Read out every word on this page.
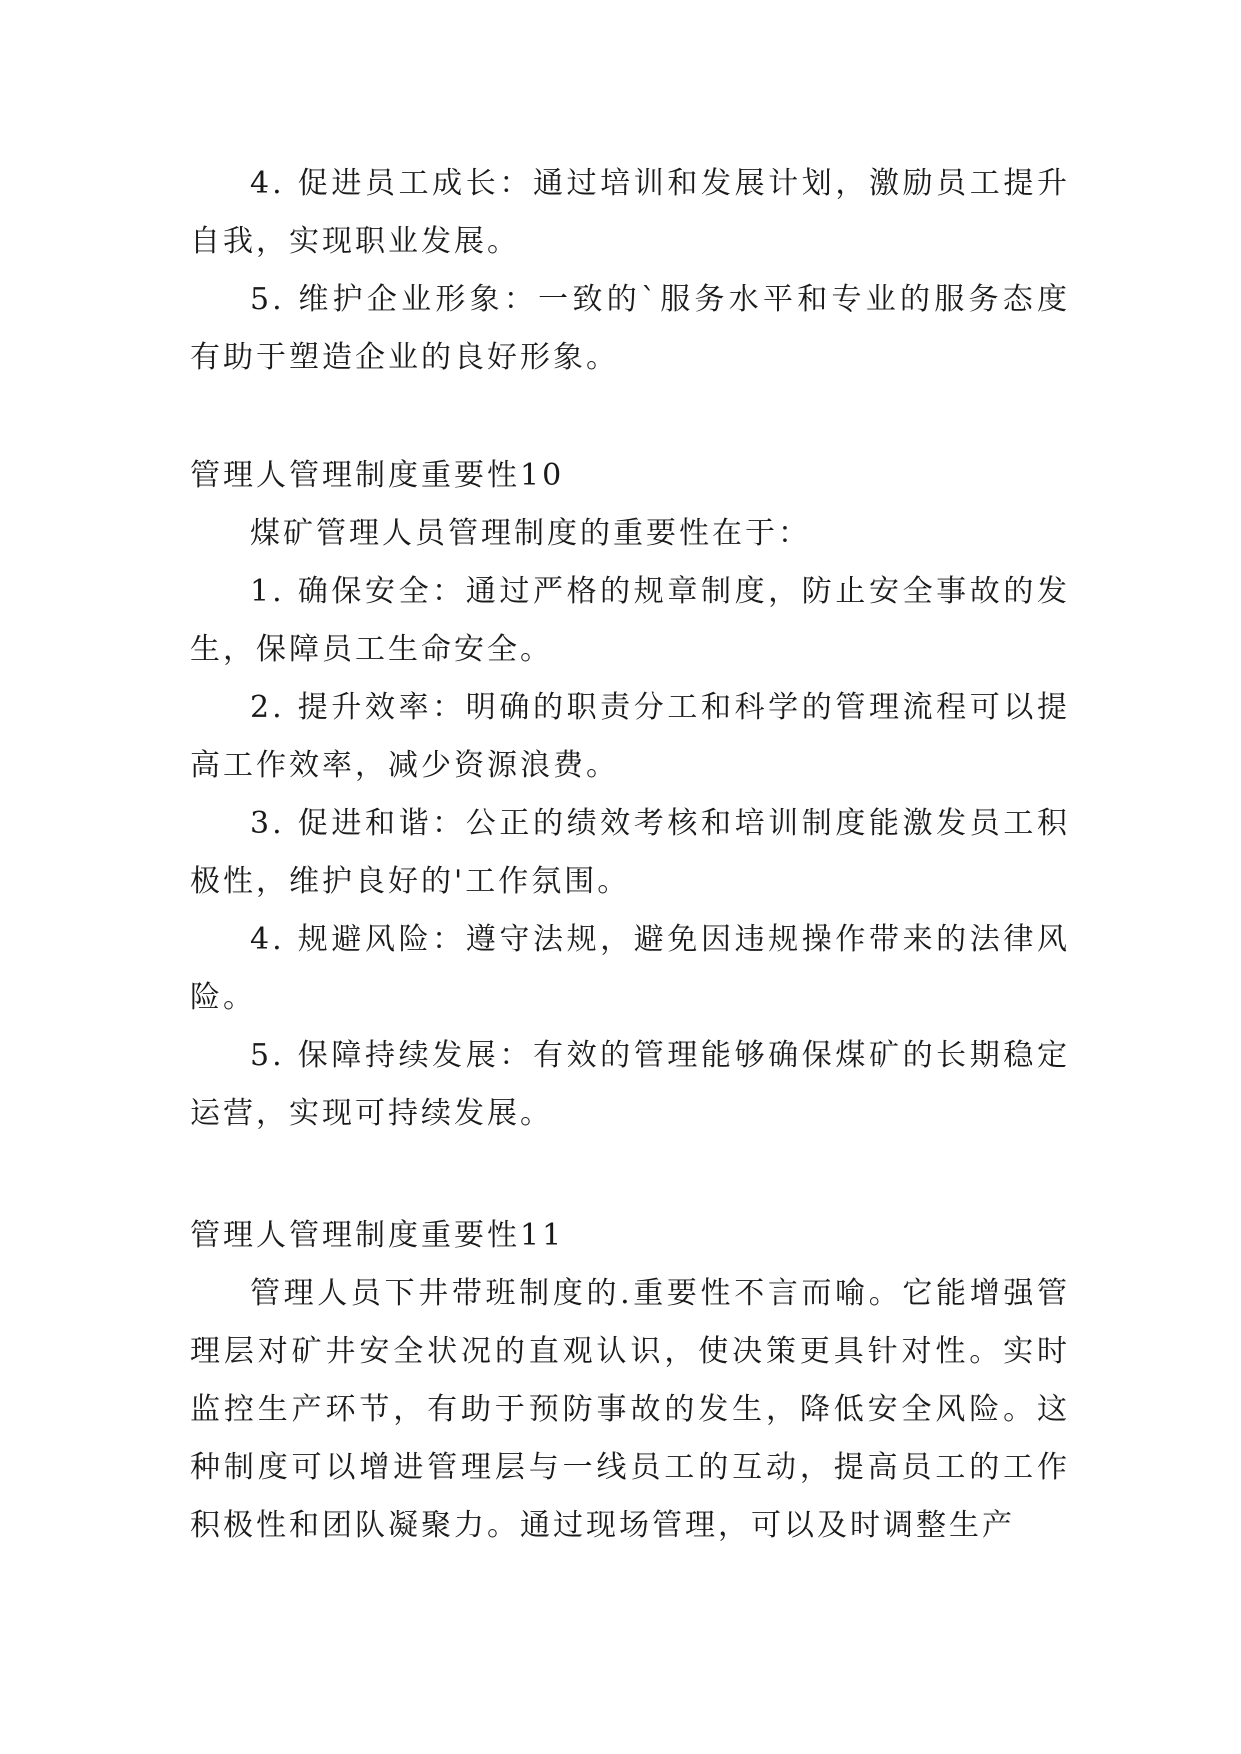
4. 促进员工成长：通过培训和发展计划，激励员工提升自我，实现职业发展。

5. 维护企业形象：一致的`服务水平和专业的服务态度有助于塑造企业的良好形象。

管理人管理制度重要性10

煤矿管理人员管理制度的重要性在于：

1. 确保安全：通过严格的规章制度，防止安全事故的发生，保障员工生命安全。

2. 提升效率：明确的职责分工和科学的管理流程可以提高工作效率，减少资源浪费。

3. 促进和谐：公正的绩效考核和培训制度能激发员工积极性，维护良好的'工作氛围。

4. 规避风险：遵守法规，避免因违规操作带来的法律风险。

5. 保障持续发展：有效的管理能够确保煤矿的长期稳定运营，实现可持续发展。

管理人管理制度重要性11

管理人员下井带班制度的.重要性不言而喻。它能增强管理层对矿井安全状况的直观认识，使决策更具针对性。实时监控生产环节，有助于预防事故的发生，降低安全风险。这种制度可以增进管理层与一线员工的互动，提高员工的工作积极性和团队凝聚力。通过现场管理，可以及时调整生产
